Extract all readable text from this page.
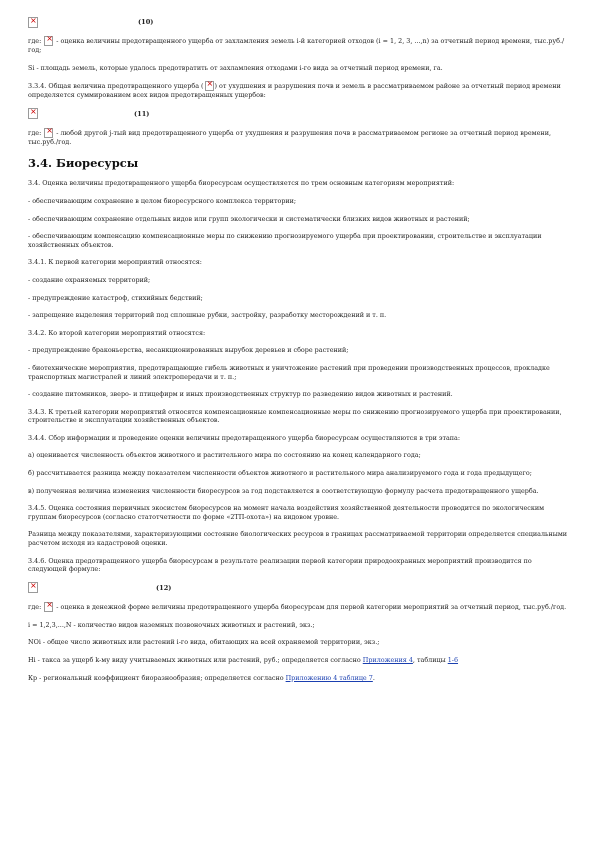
×
(10)

где: × - оценка величины предотвращенного ущерба от захламления земель i-й категорией отходов (i = 1, 2, 3, ...,n) за отчетный период времени, тыс.руб./год;

Si - площадь земель, которые удалось предотвратить от захламления отходами i-го вида за отчетный период времени, га.

3.3.4. Общая величина предотвращенного ущерба (× ) от ухудшения и разрушения почв и земель в рассматриваемом районе за отчетный период времени определяется суммированием всех видов предотвращенных ущербов:

×
(11)

где: × - любой другой j-тый вид предотвращенного ущерба от ухудшения и разрушения почв в рассматриваемом регионе за отчетный период времени, тыс.руб./год.

3.4. Биоресурсы

3.4. Оценка величины предотвращенного ущерба биоресурсам осуществляется по трем основным категориям мероприятий:

- обеспечивающим сохранение в целом биоресурсного комплекса территории;

- обеспечивающим сохранение отдельных видов или групп экологически и систематически близких видов животных и растений;

- обеспечивающим компенсацию компенсационные меры по снижению прогнозируемого ущерба при проектировании, строительстве и эксплуатации хозяйственных объектов.

3.4.1. К первой категории мероприятий относятся:

- создание охраняемых территорий;

- предупреждение катастроф, стихийных бедствий;

- запрещение выделения территорий под сплошные рубки, застройку, разработку месторождений и т. п.

3.4.2. Ко второй категории мероприятий относятся:

- предупреждение браконьерства, несанкционированных вырубок деревьев и сборе растений;

- биотехнические мероприятия, предотвращающие гибель животных и уничтожение растений при проведении производственных процессов, прокладке транспортных магистралей и линий электропередачи и т. п.;

- создание питомников, зверо- и птицефирм и иных производственных структур по разведению видов животных и растений.

3.4.3. К третьей категории мероприятий относятся компенсационные компенсационные меры по снижению прогнозируемого ущерба при проектировании, строительстве и эксплуатации хозяйственных объектов.

3.4.4. Сбор информации и проведение оценки величины предотвращенного ущерба биоресурсам осуществляются в три этапа:

а) оценивается численность объектов животного и растительного мира по состоянию на конец календарного года;

б) рассчитывается разница между показателем численности объектов животного и растительного мира анализируемого года и года предыдущего;

в) полученная величина изменения численности биоресурсов за год подставляется в соответствующую формулу расчета предотвращенного ущерба.

3.4.5. Оценка состояния первичных экосистем биоресурсов на момент начала воздействия хозяйственной деятельности проводится по экологическим группам биоресурсов (согласно статотчетности по форме «2ТП-охота») на видовом уровне.

Разница между показателями, характеризующими состояние биологических ресурсов в границах рассматриваемой территории определяется специальными расчетом исходя из кадастровой оценки.

3.4.6. Оценка предотвращенного ущерба биоресурсам в результате реализации первой категории природоохранных мероприятий производится по следующей формуле:

×
(12)

где: × - оценка в денежной форме величины предотвращенного ущерба биоресурсам для первой категории мероприятий за отчетный период, тыс.руб./год.

i = 1,2,3,...,N - количество видов наземных позвоночных животных и растений, экз.;

NOi - общее число животных или растений i-го вида, обитающих на всей охраняемой территории, экз.;

Hi - такса за ущерб k-му виду учитываемых животных или растений, руб.; определяется согласно Приложения 4, таблицы 1-6

Кр - региональный коэффициент биоразнообразия; определяется согласно Приложению 4 таблице 7.
